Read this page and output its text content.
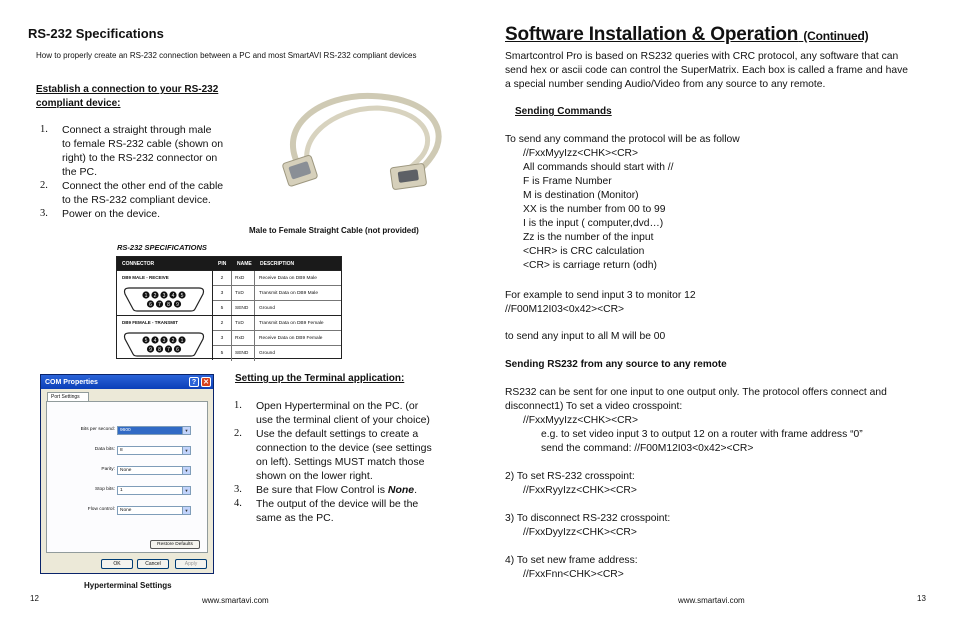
RS-232 Specifications
How to properly create an RS-232 connection between a PC and most SmartAVI RS-232 compliant devices
Establish a connection to your RS-232
compliant device:
1.	Connect a straight through male
to female RS-232 cable (shown on
right) to the RS-232 connector on
the PC.
2.	Connect the other end of the cable
to the RS-232 compliant device.
3.	Power on the device.
Male to Female Straight Cable (not provided)
RS-232 SPECIFICATIONS
CONNECTOR	PIN	NAME	DESCRIPTION
DB9 MALE - RECEIVE
1 2 3 4 5
6 7 8 9
2	RxD	Receive Data on DB9 Male
3	TxD	Transmit Data on DB9 Male
5	SEND	Ground
DB9 FEMALE - TRANSMIT
5 4 3 2 1
9 8 7 6
2	TxD	Transmit Data on DB9 Female
3	RxD	Receive Data on DB9 Female
5	SEND	Ground
COM Properties	? ✕
Port Settings
Restore Defaults
Bits per second:	9600	▼
Data bits:	8	▼
Parity:	None	▼
Stop bits:	1	▼
Flow control:	None	▼
OK	Cancel	Apply
Hyperterminal Settings
Setting up the Terminal application:
1.	Open Hyperterminal on the PC. (or
use the terminal client of your choice)
2.	Use the default settings to create a
connection to the device (see settings
on left). Settings MUST match those
shown on the lower right.
3.	Be sure that Flow Control is None.
4.	The output of the device will be the
same as the PC.
12	www.smartavi.com
Software Installation & Operation (Continued)
Smartcontrol Pro is based on RS232 queries with CRC protocol, any software that can
send hex or ascii code can control the SuperMatrix. Each box is called a frame and have
a special number sending Audio/Video from any source to any remote.
Sending Commands
To send any command the protocol will be as follow
//FxxMyyIzz<CHK><CR>
All commands should start with //
F is Frame Number
M is destination (Monitor)
XX is the number from 00 to 99
I is the input ( computer,dvd…)
Zz is the number of the input
<CHR> is CRC calculation
<CR> is carriage return (odh)
For example to send input 3 to monitor 12
//F00M12I03<0x42><CR>
to send any input to all M will be 00
Sending RS232 from any source to any remote
RS232 can be sent for one input to one output only. The protocol offers connect and
disconnect1) To set a video crosspoint:
//FxxMyyIzz<CHK><CR>
e.g. to set video input 3 to output 12 on a router with frame address “0”
send the command: //F00M12I03<0x42><CR>
2) To set RS-232 crosspoint:
//FxxRyyIzz<CHK><CR>
3) To disconnect RS-232 crosspoint:
//FxxDyyIzz<CHK><CR>
4) To set new frame address:
//FxxFnn<CHK><CR>
www.smartavi.com	13
